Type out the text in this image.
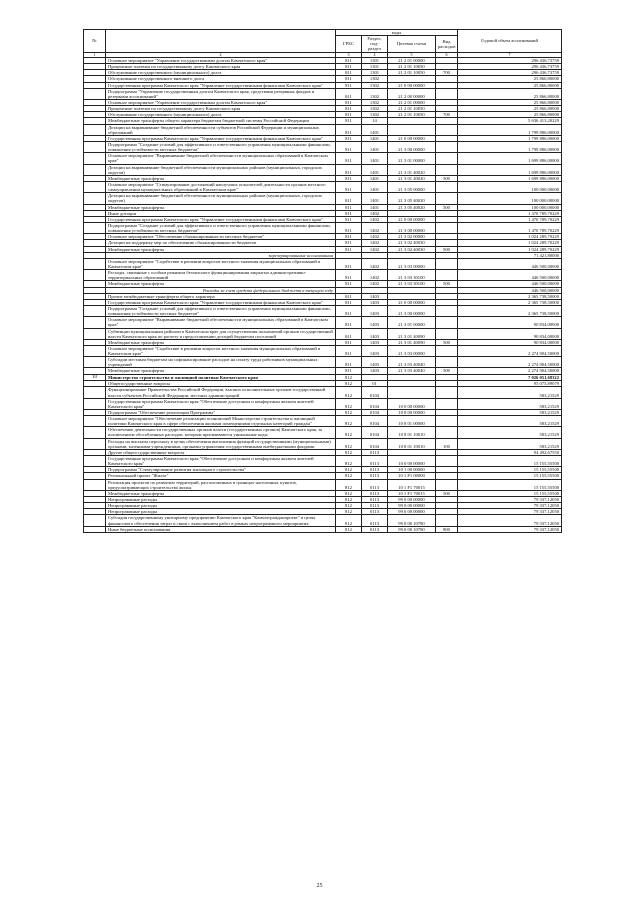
№		коды				Годовой объем ассигнований
		ГРБС	Раздел, под-раздел	Целевая статья	Вид расходов	
1	2	3	4	5	6	7
	Основное мероприятие "Управление государственным долгом Камчатского края"	811	1301	21 2 01 00000		296 436,73759
	Процентные платежи по государственному долгу Камчатского края	811	1301	21 2 01 10050		296 436,73759
	Обслуживание государственного (муниципального) долга	811	1301	21 2 01 10050	700	296 436,73759
	Обслуживание государственного внешнего долга	811	1302			25 866,80000
	Государственная программа Камчатского края "Управление государственными финансами Камчатского края"	811	1302	21 0 00 00000		25 866,80000
	Подпрограмма "Управление государственным долгом Камчатского края, средствами резервных фондов и резервами ассигнований"	811	1302	21 2 00 00000		25 866,80000
	Основное мероприятие "Управление государственным долгом Камчатского края"	811	1302	21 2 01 00000		25 866,80000
	Процентные платежи по государственному долгу Камчатского края	811	1302	21 2 01 10050		25 866,80000
	Обслуживание государственного (муниципального) долга	811	1302	21 2 01 10050	700	25 866,80000
	Межбюджетные трансферты общего характера бюджетам бюджетной системы Российской Федерации	811	14			5 636 413,20229
	Дотации на выравнивание бюджетной обеспеченности субъектов Российской Федерации и муниципальных образований	811	1401			1 799 886,00000
	Государственная программа Камчатского края "Управление государственными финансами Камчатского края"	811	1401	21 0 00 00000		1 799 886,00000
	Подпрограмма "Создание условий для эффективного и ответственного управления муниципальными финансами, повышения устойчивости местных бюджетов"	811	1401	21 3 00 00000		1 799 886,00000
	Основное мероприятие "Выравнивание бюджетной обеспеченности муниципальных образований в Камчатском крае"	811	1401	21 3 01 00000		1 699 886,00000
	Дотации на выравнивание бюджетной обеспеченности муниципальных районов (муниципальных, городских округов)	811	1401	21 3 01 40020		1 699 886,00000
	Межбюджетные трансферты	811	1401	21 3 01 40020	500	1 699 886,00000
	Основное мероприятие "Стимулирование достижений наилучших показателей деятельности органов местного самоуправления муниципальных образований в Камчатском крае"	811	1401	21 3 05 00000		100 000,00000
	Дотации на выравнивание бюджетной обеспеченности муниципальных районов (муниципальных, городских округов)	811	1401	21 3 05 40020		100 000,00000
	Межбюджетные трансферты	811	1401	21 3 05 40020	500	100 000,00000
	Иные дотации	811	1402			1 470 789,70229
	Государственная программа Камчатского края "Управление государственными финансами Камчатского края"	811	1402	21 0 00 00000		1 470 789,70229
	Подпрограмма "Создание условий для эффективного и ответственного управления муниципальными финансами, повышения устойчивости местных бюджетов"	811	1402	21 3 00 00000		1 470 789,70229
	Основное мероприятие "Обеспечение сбалансированности местных бюджетов"	811	1402	21 3 02 00000		1 024 289,70229
	Дотации на поддержку мер по обеспечению сбалансированности бюджетов	811	1402	21 3 02 40030		1 024 289,70229
	Межбюджетные трансферты	811	1402	21 3 02 40030	500	1 024 289,70229
	зарезервированные ассигнования					71 421,80000
	Основное мероприятие "Содействие в решении вопросов местного значения муниципальных образований в Камчатском крае"	811	1402	21 3 03 00000		446 500,00000
	Расходы, связанные с особым режимом безопасного функционирования закрытых административно-территориальных образований	811	1402	21 3 03 30100		446 500,00000
	Межбюджетные трансферты	811	1402	21 3 03 30100	500	446 500,00000
	Расходы за счет средств федерального бюджета в текущем году					446 500,00000
	Прочие межбюджетные трансферты общего характера	811	1403			2 365 738,50000
	Государственная программа Камчатского края "Управление государственными финансами Камчатского края"	811	1403	21 0 00 00000		2 365 738,50000
	Подпрограмма "Создание условий для эффективного и ответственного управления муниципальными финансами, повышения устойчивости местных бюджетов"	811	1403	21 3 00 00000		2 365 738,50000
	Основное мероприятие "Выравнивание бюджетной обеспеченности муниципальных образований в Камчатском крае"	811	1403	21 3 01 00000		90 834,00000
	Субвенции муниципальным районам в Камчатском крае для осуществления полномочий органов государственной власти Камчатского края по расчету и предоставлению дотаций бюджетам поселений	811	1403	21 3 01 40090		90 834,00000
	Межбюджетные трансферты	811	1403	21 3 01 40090	500	90 834,00000
	Основное мероприятие "Содействие в решении вопросов местного значения муниципальных образований в Камчатском крае"	811	1403	21 3 03 00000		2 274 904,50000
	Субсидии местным бюджетам на софинансирование расходов на оплату труда работников муниципальных учреждений	811	1403	21 3 03 40040		2 274 904,50000
	Межбюджетные трансферты	811	1403	21 3 03 40040	500	2 274 904,50000
10	Министерство строительства и жилищной политики Камчатского края	812				7 026 051,68322
	Общегосударственные вопросы	812	01			95 075,89079
	Функционирование Правительства Российской Федерации, высших исполнительных органов государственной власти субъектов Российской Федерации, местных администраций	812	0104			583,21529
	Государственная программа Камчатского края "Обеспечение доступным и комфортным жильем жителей Камчатского края"	812	0104	10 0 00 00000		583,21529
	Подпрограмма "Обеспечение реализации Программы"	812	0104	10 8 00 00000		583,21529
	Основное мероприятие "Обеспечение реализации полномочий Министерства строительства и жилищной политики Камчатского края в сфере обеспечения жилыми помещениями отдельных категорий граждан"	812	0104	10 8 01 00000		583,21529
	Обеспечение деятельности государственных органов власти (государственных органов) Камчатского края, за исключением обособленных расходов, которым присваиваются уникальные коды	812	0104	10 8 01 10010		583,21529
	Расходы на выплаты персоналу в целях обеспечения выполнения функций государственными (муниципальными) органами, казенными учреждениями, органами управления государственными внебюджетными фондами	812	0104	10 8 01 10010	100	583,21529
	Другие общегосударственные вопросы	812	0113			94 492,67550
	Государственная программа Камчатского края "Обеспечение доступным и комфортным жильем жителей Камчатского края"	812	0113	10 0 00 00000		15 155,55500
	Подпрограмма "Стимулирование развития жилищного строительства"	812	0113	10 1 00 00000		15 155,55500
	Региональный проект "Жилье"	812	0113	10 1 F1 00000		15 155,55500
	Реализация проектов по развитию территорий, расположенных в границах населенных пунктов, предусматривающих строительство жилья	812	0113	10 1 F1 70015		15 155,55500
	Межбюджетные трансферты	812	0113	10 1 F1 70015	500	15 155,55500
	Непрограммные расходы	812	0113	99 0 00 00000		79 337,12050
	Непрограммные расходы	812	0113	99 0 00 00000		79 337,12050
	Непрограммные расходы	812	0113	99 0 00 00000		79 337,12050
	Субсидия государственному унитарному предприятию Камчатского края "Камчатгражданпроект" в целях финансового обеспечения затрат в связи с выполнением работ в рамках непрограммного мероприятия	812	0113	99 0 00 10780		79 337,12050
	Иные бюджетные ассигнования	812	0113	99 0 00 10780	800	79 337,12050
25
